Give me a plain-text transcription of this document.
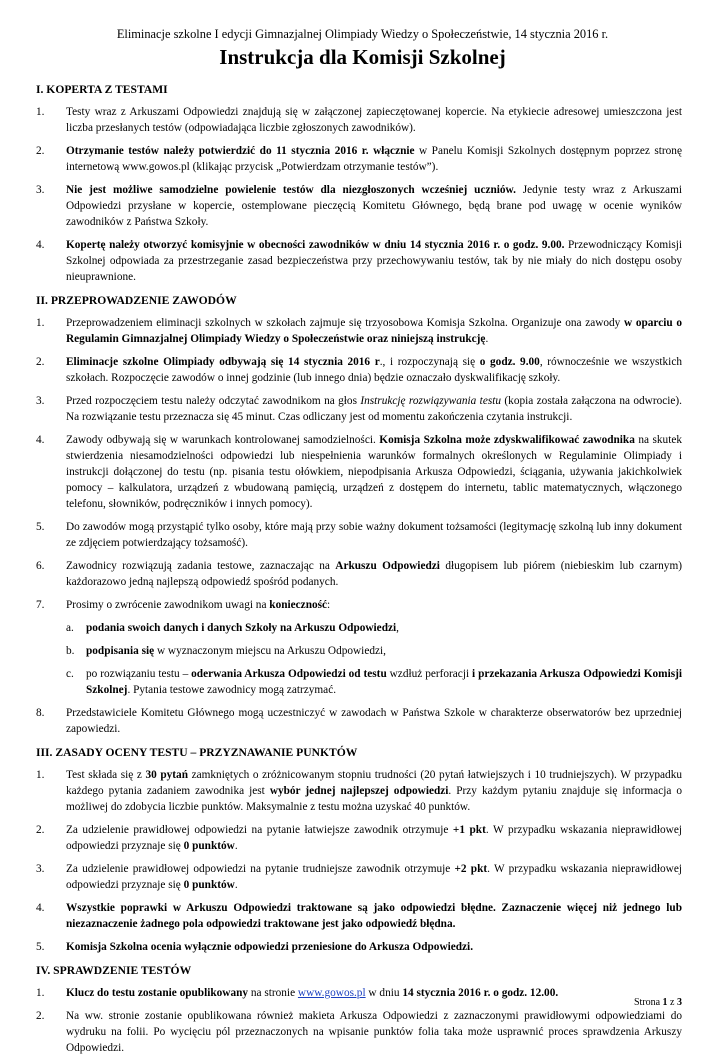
Eliminacje szkolne I edycji Gimnazjalnej Olimpiady Wiedzy o Społeczeństwie, 14 stycznia 2016 r.
Instrukcja dla Komisji Szkolnej
I. KOPERTA Z TESTAMI
1. Testy wraz z Arkuszami Odpowiedzi znajdują się w załączonej zapieczętowanej kopercie. Na etykiecie adresowej umieszczona jest liczba przesłanych testów (odpowiadająca liczbie zgłoszonych zawodników).
2. Otrzymanie testów należy potwierdzić do 11 stycznia 2016 r. włącznie w Panelu Komisji Szkolnych dostępnym poprzez stronę internetową www.gowos.pl (klikając przycisk „Potwierdzam otrzymanie testów”).
3. Nie jest możliwe samodzielne powielenie testów dla niezgłoszonych wcześniej uczniów. Jedynie testy wraz z Arkuszami Odpowiedzi przysłane w kopercie, ostemplowane pieczęcią Komitetu Głównego, będą brane pod uwagę w ocenie wyników zawodników z Państwa Szkoły.
4. Kopertę należy otworzyć komisyjnie w obecności zawodników w dniu 14 stycznia 2016 r. o godz. 9.00. Przewodniczący Komisji Szkolnej odpowiada za przestrzeganie zasad bezpieczeństwa przy przechowywaniu testów, tak by nie miały do nich dostępu osoby nieuprawnione.
II. PRZEPROWADZENIE ZAWODÓW
1. Przeprowadzeniem eliminacji szkolnych w szkołach zajmuje się trzyosobowa Komisja Szkolna. Organizuje ona zawody w oparciu o Regulamin Gimnazjalnej Olimpiady Wiedzy o Społeczeństwie oraz niniejszą instrukcję.
2. Eliminacje szkolne Olimpiady odbywają się 14 stycznia 2016 r., i rozpoczynają się o godz. 9.00, równocześnie we wszystkich szkołach. Rozpoczęcie zawodów o innej godzinie (lub innego dnia) będzie oznaczało dyskwalifikację szkoły.
3. Przed rozpoczęciem testu należy odczytać zawodnikom na głos Instrukcję rozwiązywania testu (kopia została załączona na odwrocie). Na rozwiązanie testu przeznacza się 45 minut. Czas odliczany jest od momentu zakończenia czytania instrukcji.
4. Zawody odbywają się w warunkach kontrolowanej samodzielności. Komisja Szkolna może zdyskwalifikować zawodnika na skutek stwierdzenia niesamodzielności odpowiedzi lub niespełnienia warunków formalnych określonych w Regulaminie Olimpiady i instrukcji dołączonej do testu (np. pisania testu ołówkiem, niepodpisania Arkusza Odpowiedzi, ściągania, używania jakichkolwiek pomocy – kalkulatora, urządzeń z wbudowaną pamięcią, urządzeń z dostępem do internetu, tablic matematycznych, włączonego telefonu, słowników, podręczników i innych pomocy).
5. Do zawodów mogą przystąpić tylko osoby, które mają przy sobie ważny dokument tożsamości (legitymację szkolną lub inny dokument ze zdjęciem potwierdzający tożsamość).
6. Zawodnicy rozwiązują zadania testowe, zaznaczając na Arkuszu Odpowiedzi długopisem lub piórem (niebieskim lub czarnym) każdorazowo jedną najlepszą odpowiedź spośród podanych.
7. Prosimy o zwrócenie zawodnikom uwagi na konieczność:
a. podania swoich danych i danych Szkoły na Arkuszu Odpowiedzi,
b. podpisania się w wyznaczonym miejscu na Arkuszu Odpowiedzi,
c. po rozwiązaniu testu – oderwania Arkusza Odpowiedzi od testu wzdłuż perforacji i przekazania Arkusza Odpowiedzi Komisji Szkolnej. Pytania testowe zawodnicy mogą zatrzymać.
8. Przedstawiciele Komitetu Głównego mogą uczestniczyć w zawodach w Państwa Szkole w charakterze obserwatorów bez uprzedniej zapowiedzi.
III. ZASADY OCENY TESTU – PRZYZNAWANIE PUNKTÓW
1. Test składa się z 30 pytań zamkniętych o zróżnicowanym stopniu trudności (20 pytań łatwiejszych i 10 trudniejszych). W przypadku każdego pytania zadaniem zawodnika jest wybór jednej najlepszej odpowiedzi. Przy każdym pytaniu znajduje się informacja o możliwej do zdobycia liczbie punktów. Maksymalnie z testu można uzyskać 40 punktów.
2. Za udzielenie prawidłowej odpowiedzi na pytanie łatwiejsze zawodnik otrzymuje +1 pkt. W przypadku wskazania nieprawidłowej odpowiedzi przyznaje się 0 punktów.
3. Za udzielenie prawidłowej odpowiedzi na pytanie trudniejsze zawodnik otrzymuje +2 pkt. W przypadku wskazania nieprawidłowej odpowiedzi przyznaje się 0 punktów.
4. Wszystkie poprawki w Arkuszu Odpowiedzi traktowane są jako odpowiedzi błędne. Zaznaczenie więcej niż jednego lub niezaznaczenie żadnego pola odpowiedzi traktowane jest jako odpowiedź błędna.
5. Komisja Szkolna ocenia wyłącznie odpowiedzi przeniesione do Arkusza Odpowiedzi.
IV. SPRAWDZENIE TESTÓW
1. Klucz do testu zostanie opublikowany na stronie www.gowos.pl w dniu 14 stycznia 2016 r. o godz. 12.00.
2. Na ww. stronie zostanie opublikowana również makieta Arkusza Odpowiedzi z zaznaczonymi prawidłowymi odpowiedziami do wydruku na folii. Po wycięciu pól przeznaczonych na wpisanie punktów folia taka może usprawnić proces sprawdzenia Arkuszy Odpowiedzi.
Strona 1 z 3
